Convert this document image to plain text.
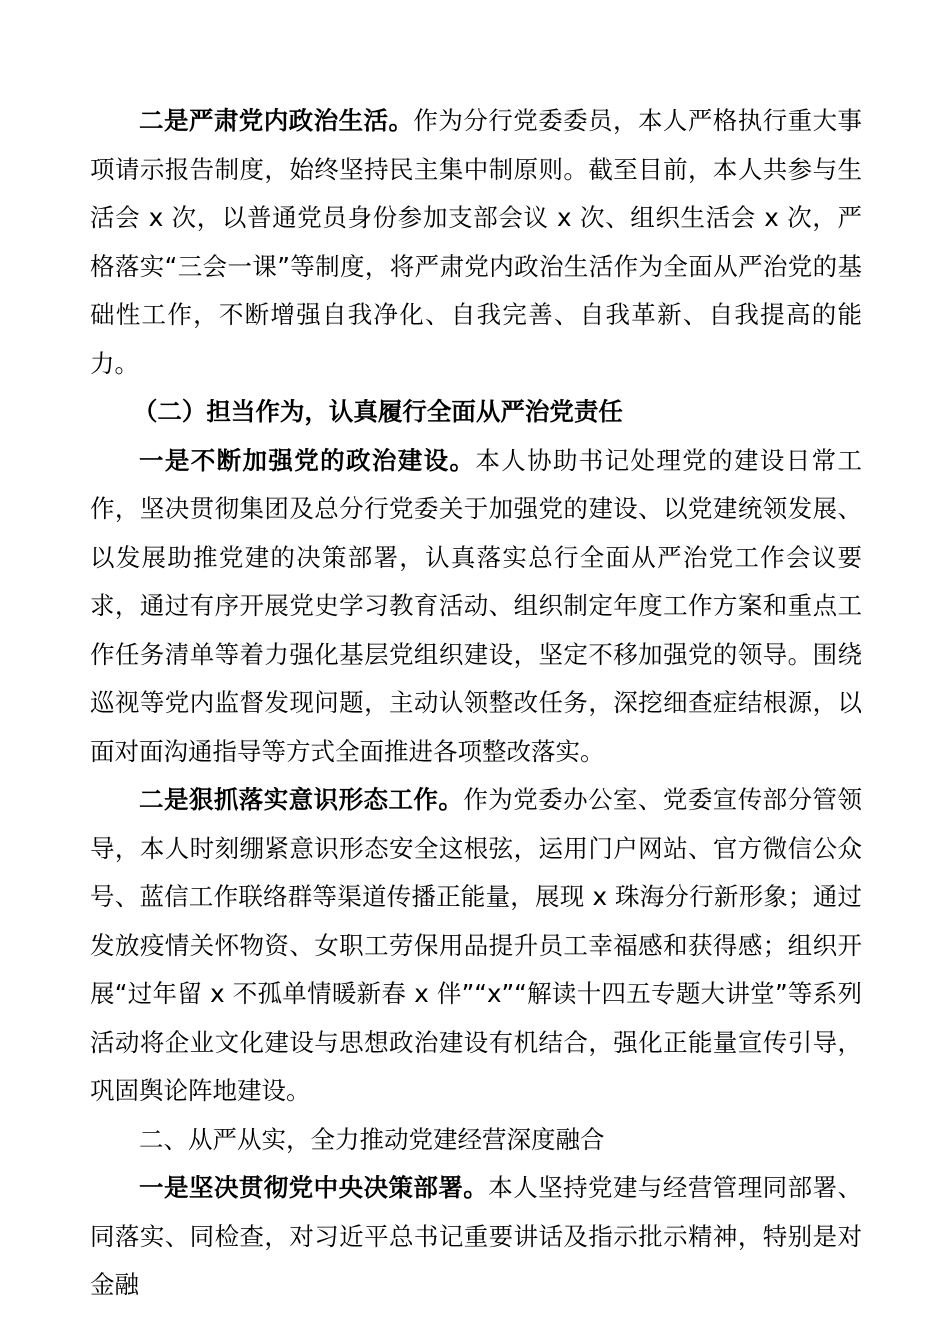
二是严肃党内政治生活。作为分行党委委员，本人严格执行重大事项请示报告制度，始终坚持民主集中制原则。截至目前，本人共参与生活会 x 次，以普通党员身份参加支部会议 x 次、组织生活会 x 次，严格落实“三会一课”等制度，将严肃党内政治生活作为全面从严治党的基础性工作，不断增强自我净化、自我完善、自我革新、自我提高的能力。

（二）担当作为，认真履行全面从严治党责任

一是不断加强党的政治建设。本人协助书记处理党的建设日常工作，坚决贯彻集团及总分行党委关于加强党的建设、以党建统领发展、以发展助推党建的决策部署，认真落实总行全面从严治党工作会议要求，通过有序开展党史学习教育活动、组织制定年度工作方案和重点工作任务清单等着力强化基层党组织建设，坚定不移加强党的领导。围绕巡视等党内监督发现问题，主动认领整改任务，深挖细查症结根源，以面对面沟通指导等方式全面推进各项整改落实。

二是狠抓落实意识形态工作。作为党委办公室、党委宣传部分管领导，本人时刻绷紧意识形态安全这根弦，运用门户网站、官方微信公众号、蓝信工作联络群等渠道传播正能量，展现 x 珠海分行新形象；通过发放疫情关怀物资、女职工劳保用品提升员工幸福感和获得感；组织开展“过年留 x 不孤单情暖新春 x 伴”“x”“解读十四五专题大讲堂”等系列活动将企业文化建设与思想政治建设有机结合，强化正能量宣传引导，巩固舆论阵地建设。

二、从严从实，全力推动党建经营深度融合

一是坚决贯彻党中央决策部署。本人坚持党建与经营管理同部署、同落实、同检查，对习近平总书记重要讲话及指示批示精神，特别是对金融
